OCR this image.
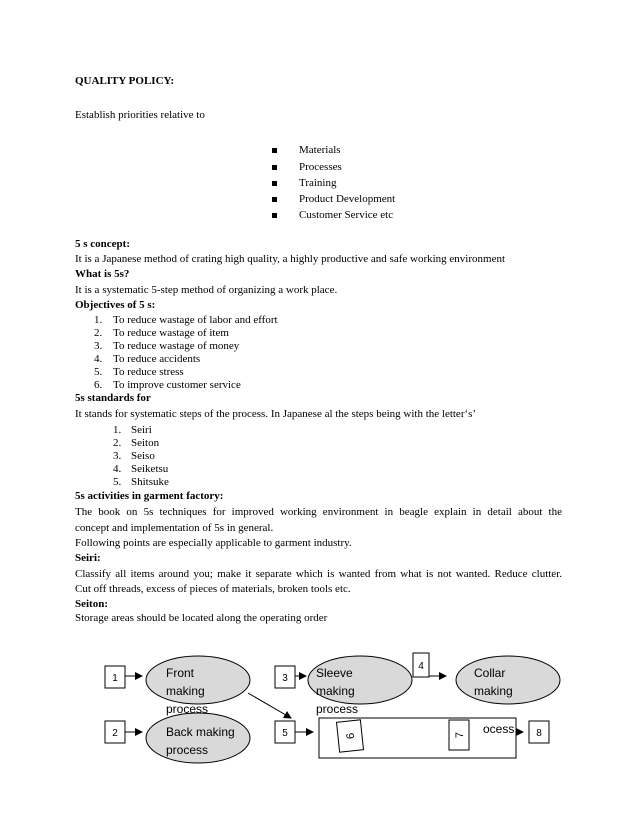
QUALITY POLICY:
Establish priorities relative to
Materials
Processes
Training
Product Development
Customer Service etc
5 s concept:
It is a Japanese method of crating high quality, a highly productive and safe working environment
What is 5s?
It is a systematic 5-step method of organizing a work place.
Objectives of 5 s:
1. To reduce wastage of labor and effort
2. To reduce wastage of item
3. To reduce wastage of money
4. To reduce accidents
5. To reduce stress
6. To improve customer service
5s standards for
It stands for systematic steps of the process. In Japanese al the steps being with the letter‘s’
1. Seiri
2. Seiton
3. Seiso
4. Seiketsu
5. Shitsuke
5s activities in garment factory:
The book on 5s techniques for improved working environment in beagle explain in detail about the
concept and implementation of 5s in general.
Following points are especially applicable to garment industry.
Seiri:
Classify all items around you; make it separate which is wanted from what is not wanted. Reduce clutter.
Cut off threads, excess of pieces of materials, broken tools etc.
Seiton:
Storage areas should be located along the operating order
ocess
6	7
1
2
3
4
5	8
Front
making
process
Back making
process
Sleeve
making
process
Collar
making
